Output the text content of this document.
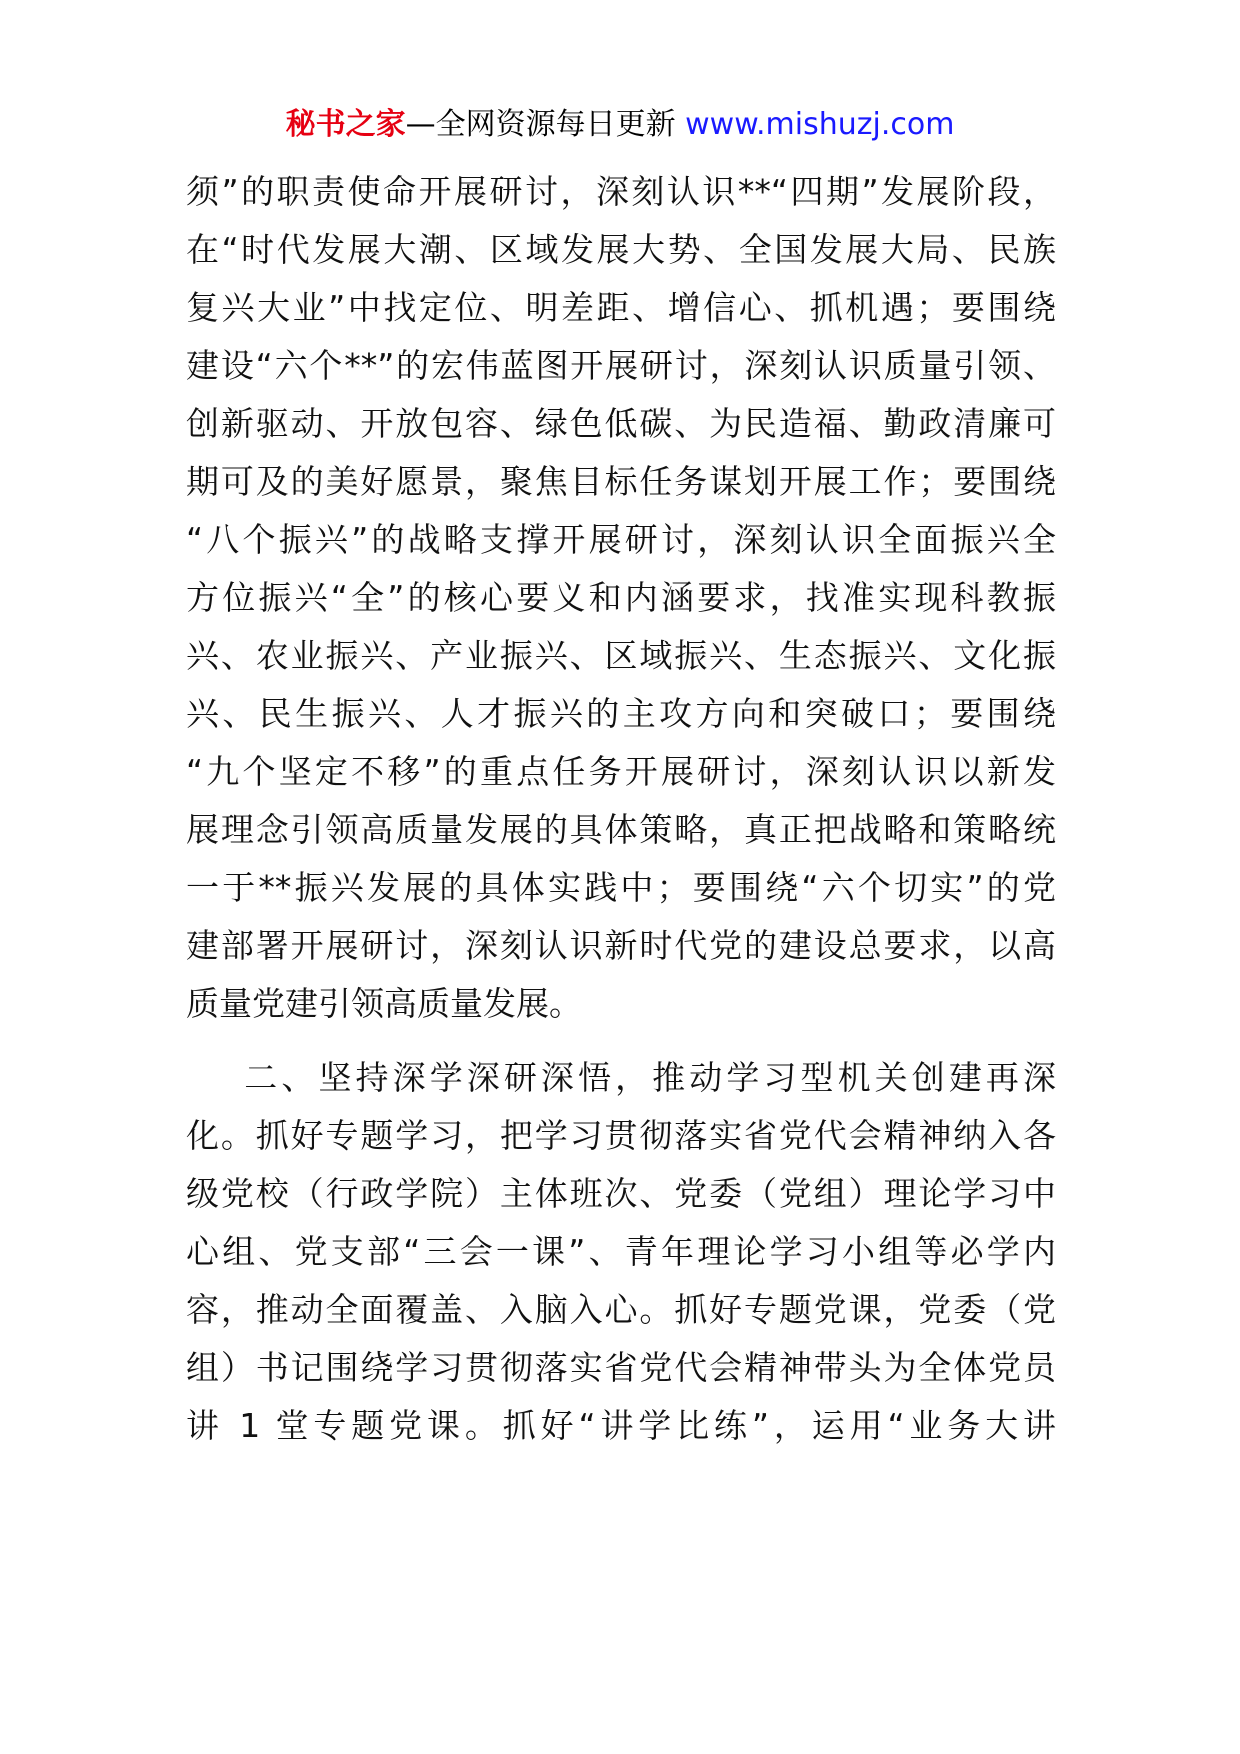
秘书之家—全网资源每日更新 www.mishuzj.com
须”的职责使命开展研讨，深刻认识**“四期”发展阶段，
在“时代发展大潮、区域发展大势、全国发展大局、民族
复兴大业”中找定位、明差距、增信心、抓机遇；要围绕
建设“六个**”的宏伟蓝图开展研讨，深刻认识质量引领、
创新驱动、开放包容、绿色低碳、为民造福、勤政清廉可
期可及的美好愿景，聚焦目标任务谋划开展工作；要围绕
“八个振兴”的战略支撑开展研讨，深刻认识全面振兴全
方位振兴“全”的核心要义和内涵要求，找准实现科教振
兴、农业振兴、产业振兴、区域振兴、生态振兴、文化振
兴、民生振兴、人才振兴的主攻方向和突破口；要围绕
“九个坚定不移”的重点任务开展研讨，深刻认识以新发
展理念引领高质量发展的具体策略，真正把战略和策略统
一于**振兴发展的具体实践中；要围绕“六个切实”的党
建部署开展研讨，深刻认识新时代党的建设总要求，以高
质量党建引领高质量发展。
二、坚持深学深研深悟，推动学习型机关创建再深
化。抓好专题学习，把学习贯彻落实省党代会精神纳入各
级党校（行政学院）主体班次、党委（党组）理论学习中
心组、党支部“三会一课”、青年理论学习小组等必学内
容，推动全面覆盖、入脑入心。抓好专题党课，党委（党
组）书记围绕学习贯彻落实省党代会精神带头为全体党员
讲 1 堂专题党课。抓好“讲学比练”，运用“业务大讲
